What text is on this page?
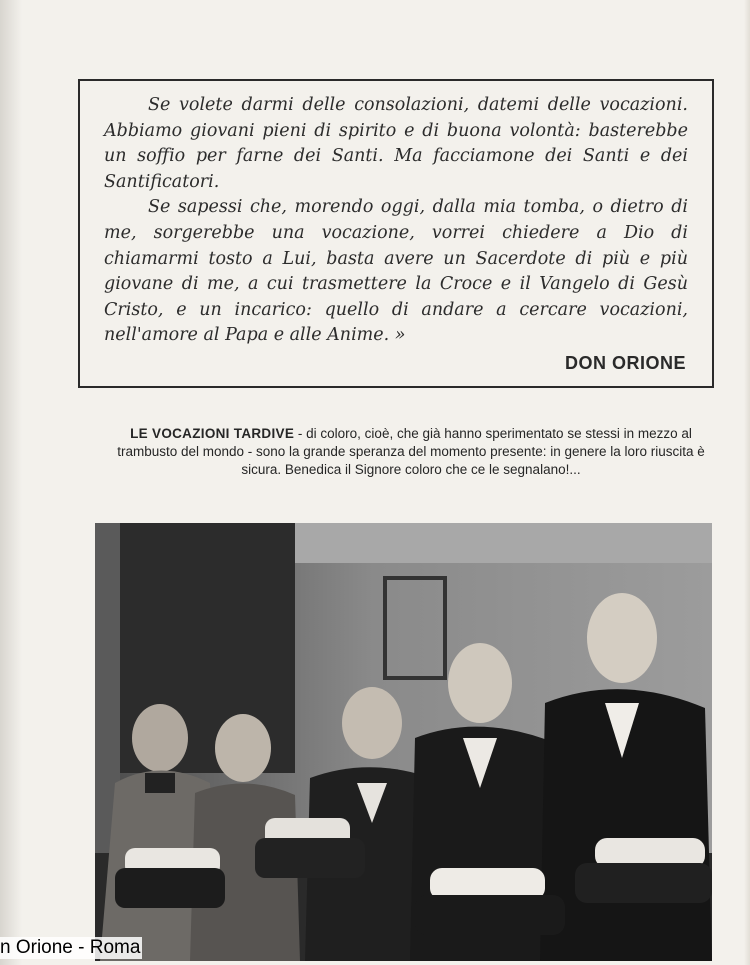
Se volete darmi delle consolazioni, datemi delle vocazioni. Abbiamo giovani pieni di spirito e di buona volontà: basterebbe un soffio per farne dei Santi. Ma facciamone dei Santi e dei Santificatori.

Se sapessi che, morendo oggi, dalla mia tomba, o dietro di me, sorgerebbe una vocazione, vorrei chiedere a Dio di chiamarmi tosto a Lui, basta avere un Sacerdote di più e più giovane di me, a cui trasmettere la Croce e il Vangelo di Gesù Cristo, e un incarico: quello di andare a cercare vocazioni, nell'amore al Papa e alle Anime. »

DON ORIONE
LE VOCAZIONI TARDIVE - di coloro, cioè, che già hanno sperimentato se stessi in mezzo al trambusto del mondo - sono la grande speranza del momento presente: in genere la loro riuscita è sicura. Benedica il Signore coloro che ce le segnalano!...
n Orione - Roma
